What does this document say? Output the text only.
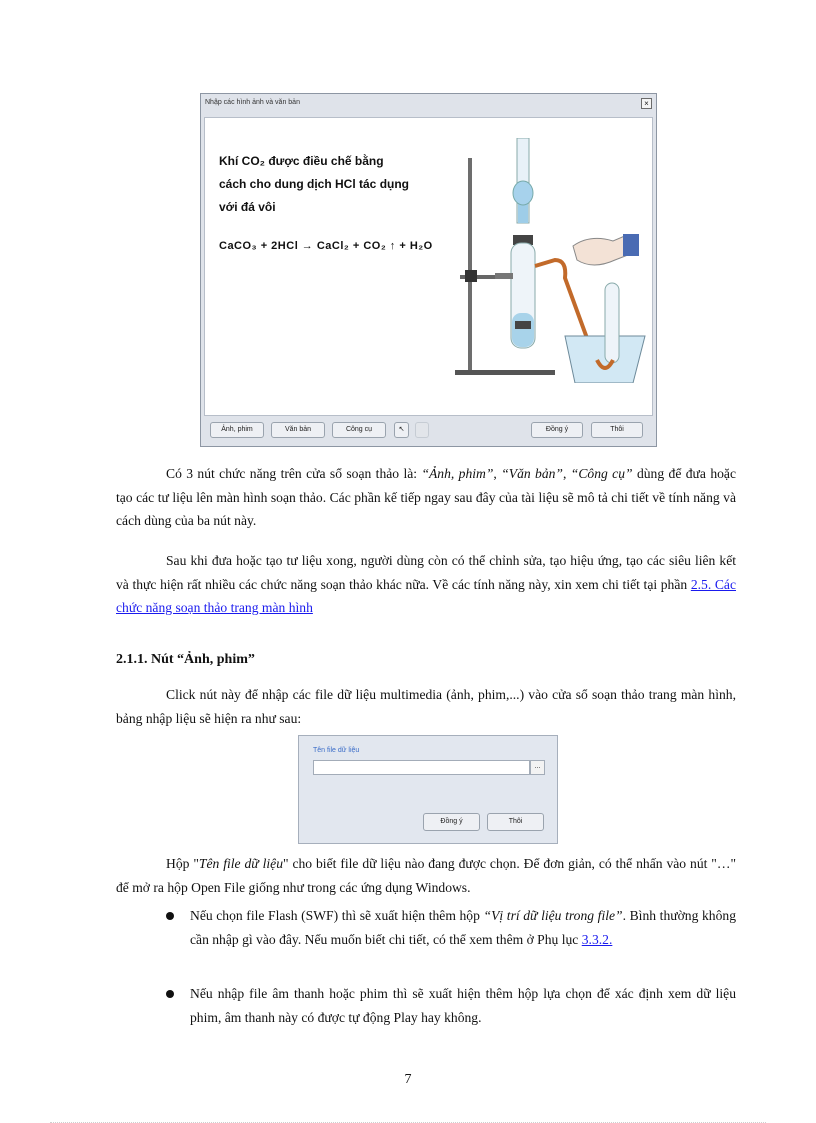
Nhập các hình ảnh và văn bản	×
Khí CO₂ được điều chế bằng
cách cho dung dịch HCl tác dụng
với đá vôi
CaCO₃ + 2HCl → CaCl₂ + CO₂ ↑ + H₂O
Ảnh, phim	Văn bản	Công cụ	↖	Đồng ý	Thôi
Có 3 nút chức năng trên cửa sổ soạn thảo là: “Ảnh, phim”, “Văn bản”, “Công cụ” dùng để đưa hoặc tạo các tư liệu lên màn hình soạn thảo. Các phần kế tiếp ngay sau đây của tài liệu sẽ mô tả chi tiết về tính năng và cách dùng của ba nút này.
Sau khi đưa hoặc tạo tư liệu xong, người dùng còn có thể chỉnh sửa, tạo hiệu ứng, tạo các siêu liên kết và thực hiện rất nhiều các chức năng soạn thảo khác nữa. Về các tính năng này, xin xem chi tiết tại phần 2.5. Các chức năng soạn thảo trang màn hình
2.1.1. Nút “Ảnh, phim”
Click nút này để nhập các file dữ liệu multimedia (ảnh, phim,...) vào cửa sổ soạn thảo trang màn hình, bảng nhập liệu sẽ hiện ra như sau:
Tên file dữ liệu
...
Đồng ý	Thôi
Hộp "Tên file dữ liệu" cho biết file dữ liệu nào đang được chọn. Để đơn giản, có thể nhấn vào nút "…" để mở ra hộp Open File giống như trong các ứng dụng Windows.
Nếu chọn file Flash (SWF) thì sẽ xuất hiện thêm hộp “Vị trí dữ liệu trong file”. Bình thường không cần nhập gì vào đây. Nếu muốn biết chi tiết, có thể xem thêm ở Phụ lục 3.3.2.
Nếu nhập file âm thanh hoặc phim thì sẽ xuất hiện thêm hộp lựa chọn để xác định xem dữ liệu phim, âm thanh này có được tự động Play hay không.
7
